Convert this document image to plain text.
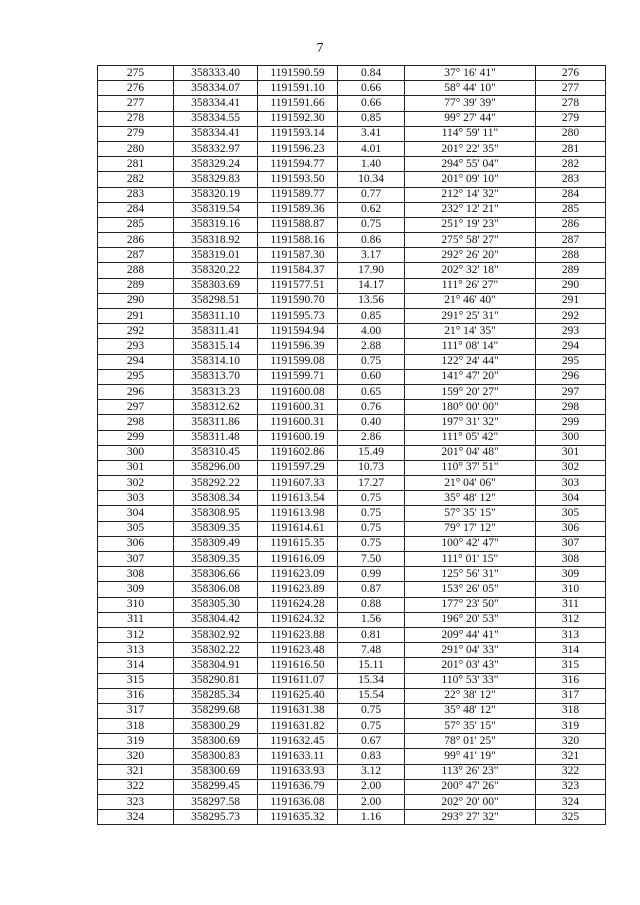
7
275	358333.40	1191590.59	0.84	37° 16' 41"	276
276	358334.07	1191591.10	0.66	58° 44' 10"	277
277	358334.41	1191591.66	0.66	77° 39' 39"	278
278	358334.55	1191592.30	0.85	99° 27' 44"	279
279	358334.41	1191593.14	3.41	114° 59' 11"	280
280	358332.97	1191596.23	4.01	201° 22' 35"	281
281	358329.24	1191594.77	1.40	294° 55' 04"	282
282	358329.83	1191593.50	10.34	201° 09' 10"	283
283	358320.19	1191589.77	0.77	212° 14' 32"	284
284	358319.54	1191589.36	0.62	232° 12' 21"	285
285	358319.16	1191588.87	0.75	251° 19' 23"	286
286	358318.92	1191588.16	0.86	275° 58' 27"	287
287	358319.01	1191587.30	3.17	292° 26' 20"	288
288	358320.22	1191584.37	17.90	202° 32' 18"	289
289	358303.69	1191577.51	14.17	111° 26' 27"	290
290	358298.51	1191590.70	13.56	21° 46' 40"	291
291	358311.10	1191595.73	0.85	291° 25' 31"	292
292	358311.41	1191594.94	4.00	21° 14' 35"	293
293	358315.14	1191596.39	2.88	111° 08' 14"	294
294	358314.10	1191599.08	0.75	122° 24' 44"	295
295	358313.70	1191599.71	0.60	141° 47' 20"	296
296	358313.23	1191600.08	0.65	159° 20' 27"	297
297	358312.62	1191600.31	0.76	180° 00' 00"	298
298	358311.86	1191600.31	0.40	197° 31' 32"	299
299	358311.48	1191600.19	2.86	111° 05' 42"	300
300	358310.45	1191602.86	15.49	201° 04' 48"	301
301	358296.00	1191597.29	10.73	110° 37' 51"	302
302	358292.22	1191607.33	17.27	21° 04' 06"	303
303	358308.34	1191613.54	0.75	35° 48' 12"	304
304	358308.95	1191613.98	0.75	57° 35' 15"	305
305	358309.35	1191614.61	0.75	79° 17' 12"	306
306	358309.49	1191615.35	0.75	100° 42' 47"	307
307	358309.35	1191616.09	7.50	111° 01' 15"	308
308	358306.66	1191623.09	0.99	125° 56' 31"	309
309	358306.08	1191623.89	0.87	153° 26' 05"	310
310	358305.30	1191624.28	0.88	177° 23' 50"	311
311	358304.42	1191624.32	1.56	196° 20' 53"	312
312	358302.92	1191623.88	0.81	209° 44' 41"	313
313	358302.22	1191623.48	7.48	291° 04' 33"	314
314	358304.91	1191616.50	15.11	201° 03' 43"	315
315	358290.81	1191611.07	15.34	110° 53' 33"	316
316	358285.34	1191625.40	15.54	22° 38' 12"	317
317	358299.68	1191631.38	0.75	35° 48' 12"	318
318	358300.29	1191631.82	0.75	57° 35' 15"	319
319	358300.69	1191632.45	0.67	78° 01' 25"	320
320	358300.83	1191633.11	0.83	99° 41' 19"	321
321	358300.69	1191633.93	3.12	113° 26' 23"	322
322	358299.45	1191636.79	2.00	200° 47' 26"	323
323	358297.58	1191636.08	2.00	202° 20' 00"	324
324	358295.73	1191635.32	1.16	293° 27' 32"	325
